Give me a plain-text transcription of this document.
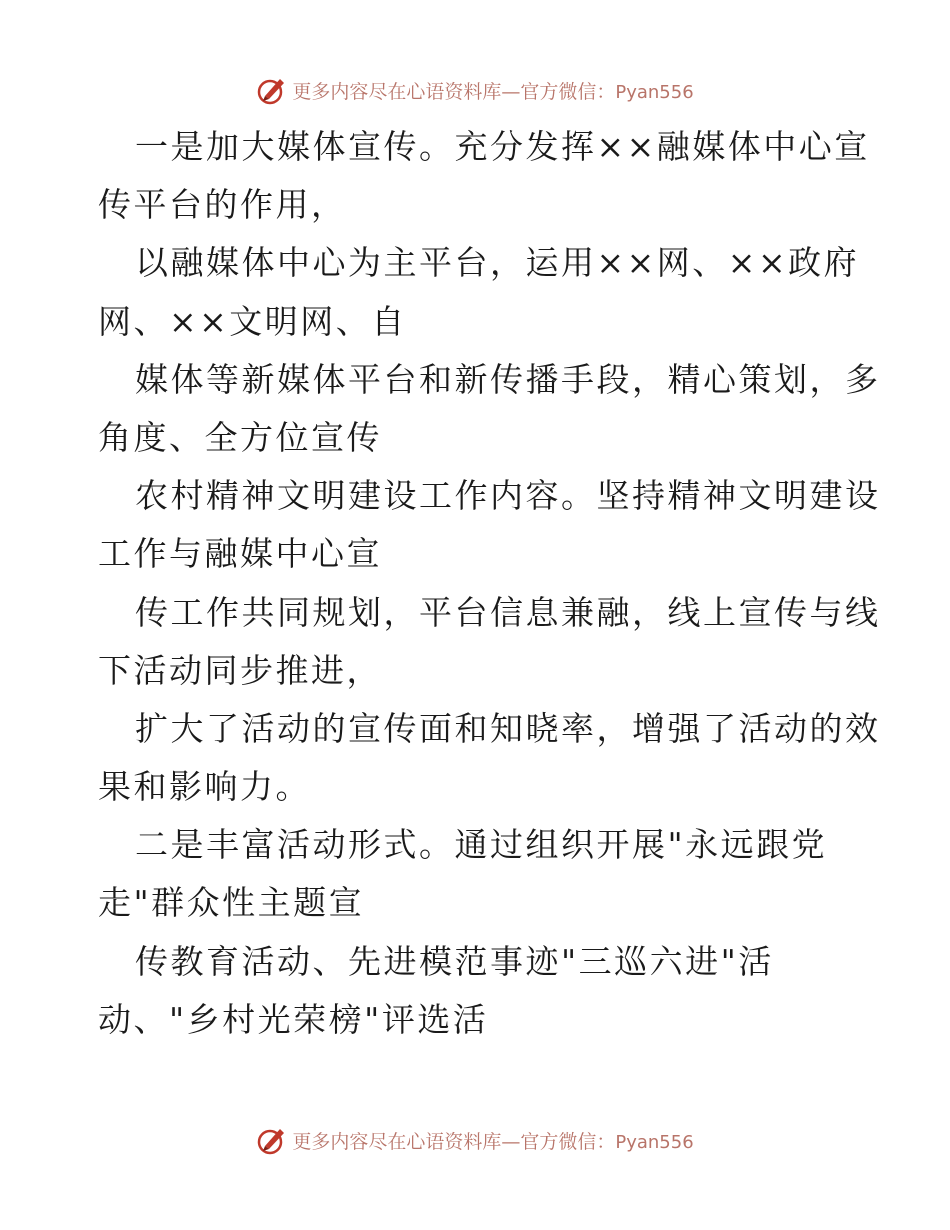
更多内容尽在心语资料库—官方微信：Pyan556
一是加大媒体宣传。充分发挥××融媒体中心宣
传平台的作用，
以融媒体中心为主平台，运用××网、××政府
网、××文明网、自
媒体等新媒体平台和新传播手段，精心策划，多
角度、全方位宣传
农村精神文明建设工作内容。坚持精神文明建设
工作与融媒中心宣
传工作共同规划，平台信息兼融，线上宣传与线
下活动同步推进，
扩大了活动的宣传面和知晓率，增强了活动的效
果和影响力。
二是丰富活动形式。通过组织开展"永远跟党
走"群众性主题宣
传教育活动、先进模范事迹"三巡六进"活
动、"乡村光荣榜"评选活
更多内容尽在心语资料库—官方微信：Pyan556
